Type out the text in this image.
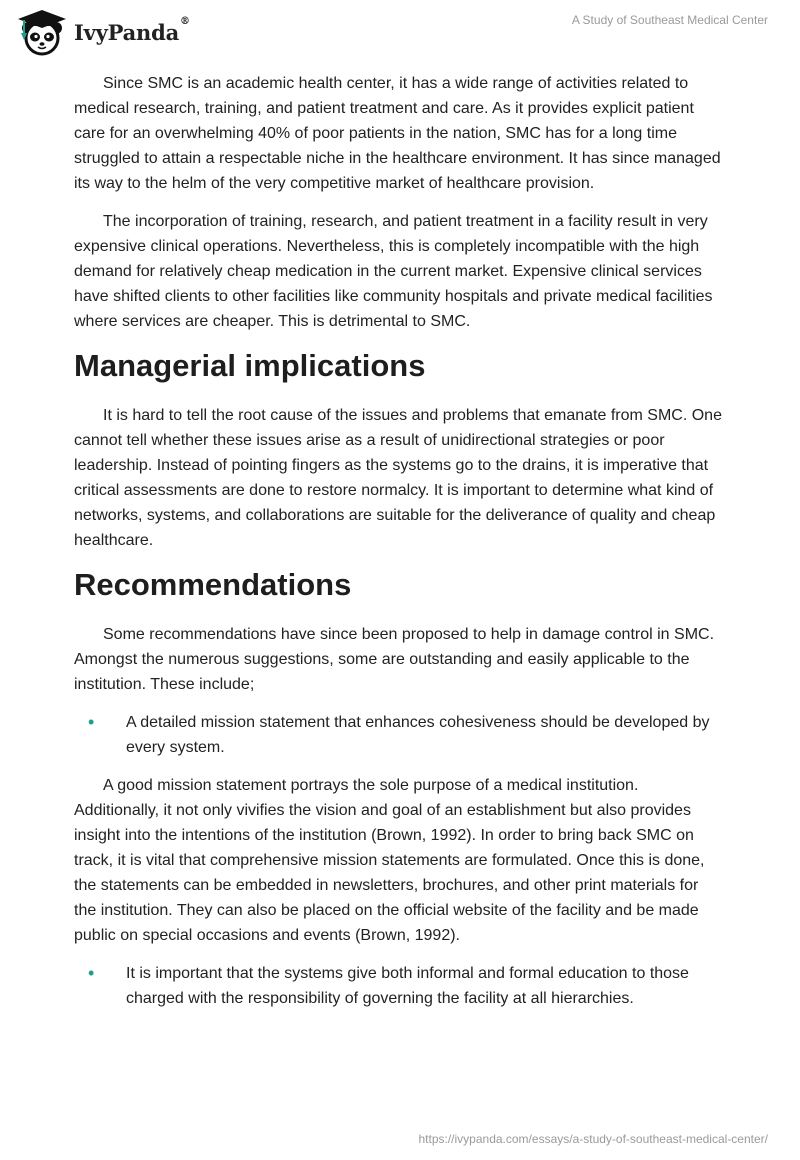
IvyPanda®	A Study of Southeast Medical Center

Since SMC is an academic health center, it has a wide range of activities related to medical research, training, and patient treatment and care. As it provides explicit patient care for an overwhelming 40% of poor patients in the nation, SMC has for a long time struggled to attain a respectable niche in the healthcare environment. It has since managed its way to the helm of the very competitive market of healthcare provision.

The incorporation of training, research, and patient treatment in a facility result in very expensive clinical operations. Nevertheless, this is completely incompatible with the high demand for relatively cheap medication in the current market. Expensive clinical services have shifted clients to other facilities like community hospitals and private medical facilities where services are cheaper. This is detrimental to SMC.

Managerial implications

It is hard to tell the root cause of the issues and problems that emanate from SMC. One cannot tell whether these issues arise as a result of unidirectional strategies or poor leadership. Instead of pointing fingers as the systems go to the drains, it is imperative that critical assessments are done to restore normalcy. It is important to determine what kind of networks, systems, and collaborations are suitable for the deliverance of quality and cheap healthcare.

Recommendations

Some recommendations have since been proposed to help in damage control in SMC. Amongst the numerous suggestions, some are outstanding and easily applicable to the institution. These include;

• A detailed mission statement that enhances cohesiveness should be developed by every system.

A good mission statement portrays the sole purpose of a medical institution. Additionally, it not only vivifies the vision and goal of an establishment but also provides insight into the intentions of the institution (Brown, 1992). In order to bring back SMC on track, it is vital that comprehensive mission statements are formulated. Once this is done, the statements can be embedded in newsletters, brochures, and other print materials for the institution. They can also be placed on the official website of the facility and be made public on special occasions and events (Brown, 1992).

• It is important that the systems give both informal and formal education to those charged with the responsibility of governing the facility at all hierarchies.
https://ivypanda.com/essays/a-study-of-southeast-medical-center/
